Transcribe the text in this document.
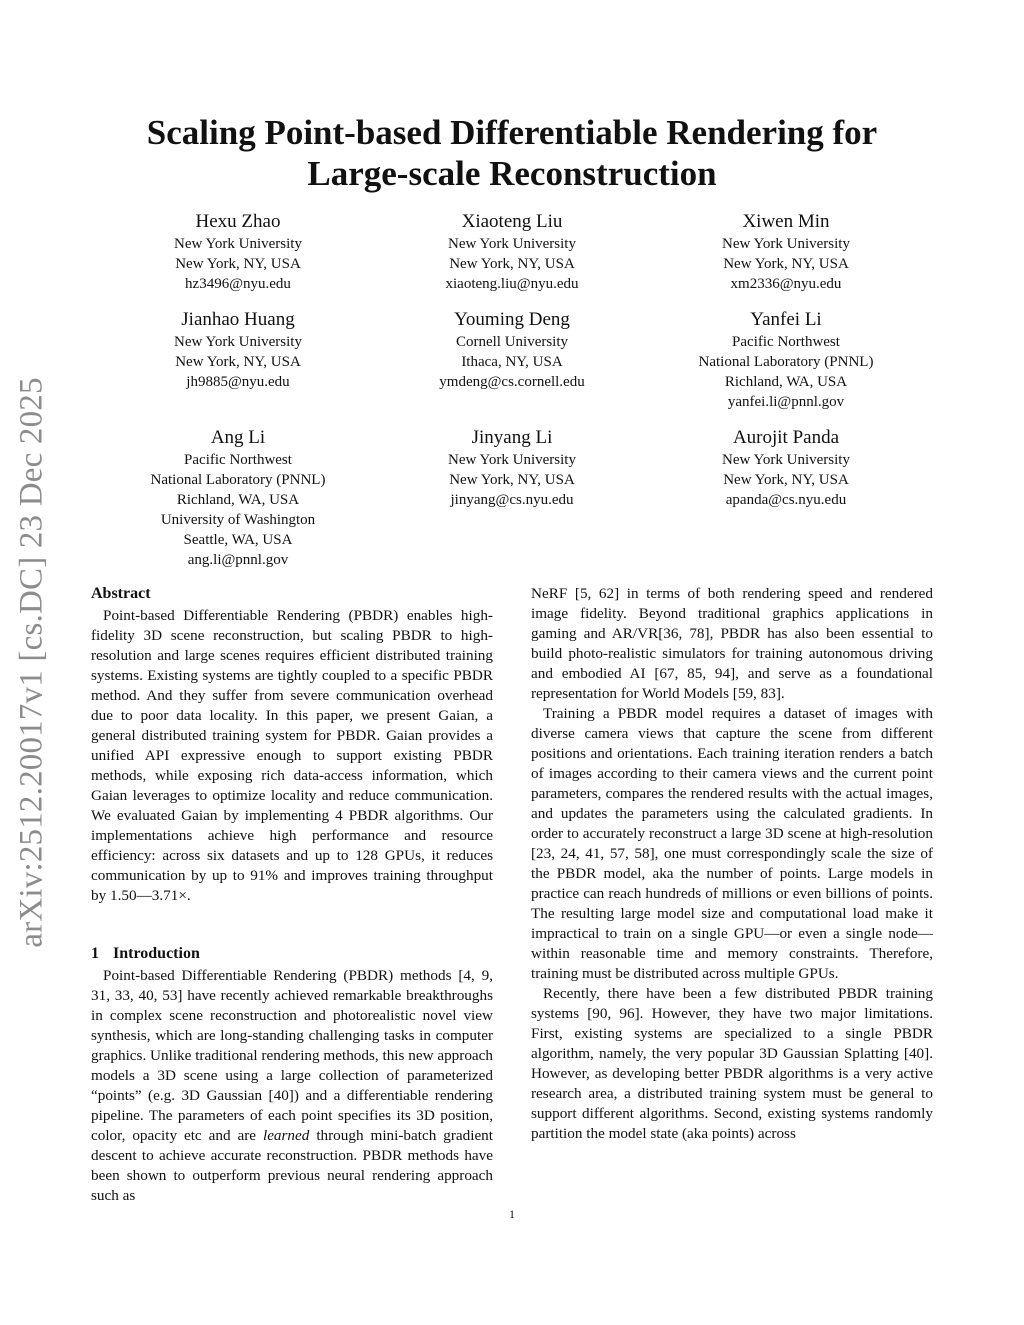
arXiv:2512.20017v1 [cs.DC] 23 Dec 2025
Scaling Point-based Differentiable Rendering for
Large-scale Reconstruction
Hexu Zhao
New York University
New York, NY, USA
hz3496@nyu.edu
Xiaoteng Liu
New York University
New York, NY, USA
xiaoteng.liu@nyu.edu
Xiwen Min
New York University
New York, NY, USA
xm2336@nyu.edu
Jianhao Huang
New York University
New York, NY, USA
jh9885@nyu.edu
Youming Deng
Cornell University
Ithaca, NY, USA
ymdeng@cs.cornell.edu
Yanfei Li
Pacific Northwest
National Laboratory (PNNL)
Richland, WA, USA
yanfei.li@pnnl.gov
Ang Li
Pacific Northwest
National Laboratory (PNNL)
Richland, WA, USA
University of Washington
Seattle, WA, USA
ang.li@pnnl.gov
Jinyang Li
New York University
New York, NY, USA
jinyang@cs.nyu.edu
Aurojit Panda
New York University
New York, NY, USA
apanda@cs.nyu.edu
Abstract

Point-based Differentiable Rendering (PBDR) enables high-fidelity 3D scene reconstruction, but scaling PBDR to high-resolution and large scenes requires efficient distributed training systems. Existing systems are tightly coupled to a specific PBDR method. And they suffer from severe communication overhead due to poor data locality. In this paper, we present Gaian, a general distributed training system for PBDR. Gaian provides a unified API expressive enough to support existing PBDR methods, while exposing rich data-access information, which Gaian leverages to optimize locality and reduce communication. We evaluated Gaian by implementing 4 PBDR algorithms. Our implementations achieve high performance and resource efficiency: across six datasets and up to 128 GPUs, it reduces communication by up to 91% and improves training throughput by 1.50—3.71×.

1 Introduction

Point-based Differentiable Rendering (PBDR) methods [4, 9, 31, 33, 40, 53] have recently achieved remarkable breakthroughs in complex scene reconstruction and photorealistic novel view synthesis, which are long-standing challenging tasks in computer graphics. Unlike traditional rendering methods, this new approach models a 3D scene using a large collection of parameterized “points” (e.g. 3D Gaussian [40]) and a differentiable rendering pipeline. The parameters of each point specifies its 3D position, color, opacity etc and are learned through mini-batch gradient descent to achieve accurate reconstruction. PBDR methods have been shown to outperform previous neural rendering approach such as

NeRF [5, 62] in terms of both rendering speed and rendered image fidelity. Beyond traditional graphics applications in gaming and AR/VR[36, 78], PBDR has also been essential to build photo-realistic simulators for training autonomous driving and embodied AI [67, 85, 94], and serve as a foundational representation for World Models [59, 83].

Training a PBDR model requires a dataset of images with diverse camera views that capture the scene from different positions and orientations. Each training iteration renders a batch of images according to their camera views and the current point parameters, compares the rendered results with the actual images, and updates the parameters using the calculated gradients. In order to accurately reconstruct a large 3D scene at high-resolution [23, 24, 41, 57, 58], one must correspondingly scale the size of the PBDR model, aka the number of points. Large models in practice can reach hundreds of millions or even billions of points. The resulting large model size and computational load make it impractical to train on a single GPU—or even a single node—within reasonable time and memory constraints. Therefore, training must be distributed across multiple GPUs.

Recently, there have been a few distributed PBDR training systems [90, 96]. However, they have two major limitations. First, existing systems are specialized to a single PBDR algorithm, namely, the very popular 3D Gaussian Splatting [40]. However, as developing better PBDR algorithms is a very active research area, a distributed training system must be general to support different algorithms. Second, existing systems randomly partition the model state (aka points) across

1
